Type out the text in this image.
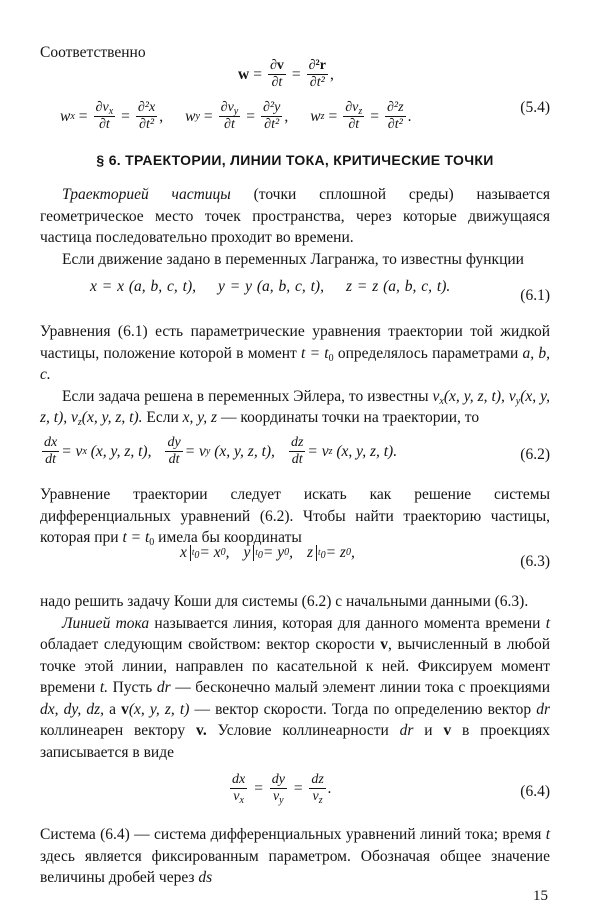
Соответственно
$w = \frac{\partial v}{\partial t} = \frac{\text{∂²r}}{\text{∂t²}}$ ,
w $x = \frac{\partial v_x}{\partial t} = \frac{\text{∂²x}}{\text{∂t²}}$ , w $y = \frac{\partial v_y}{\partial t} = \frac{\text{∂²y}}{\text{∂t²}}$ , w $z = \frac{\partial v_z}{\partial t} = \frac{\text{∂²z}}{\text{∂t²}}$ .
(5.4)
§ 6. ТРАЕКТОРИИ, ЛИНИИ ТОКА, КРИТИЧЕСКИЕ ТОЧКИ

Траекторией частицы (точки сплошной среды) называется геометрическое место точек пространства, через которые движущаяся частица последовательно проходит во времени.

Если движение задано в переменных Лагранжа, то известны функции

x = x (a, b, c, t), y = y (a, b, c, t), z = z (a, b, c, t).
(6.1)

Уравнения (6.1) есть параметрические уравнения траектории той жидкой частицы, положение которой в момент $t = t_0$ определялось параметрами a, b, c.

Если задача решена в переменных Эйлера, то известны $v_x(x$, y, z, t), $v_y(x$, y, z, t), $v_z(x$, y, z, t). Если x, y, z — координаты точки на траектории, то

$\frac{dx}{dt} = v$ x
(x, y, z, t), $\frac{dy}{dt} = v$ y
(x, y, z, t), $\frac{dz}{dt} = v$ z
(x, y, z, t).	(6.2)

Уравнение траектории следует искать как решение системы дифференциальных уравнений (6.2). Чтобы найти траекторию частицы, которая при $t = t_0$ имела бы координаты

x $t_0 = x$ 0 , y $t_0 = y$ 0 , z $t_0 = z$ 0 ,
(6.3)

надо решить задачу Коши для системы (6.2) с начальными данными (6.3).

Линией тока называется линия, которая для данного момента времени t обладает следующим свойством: вектор скорости v, вычисленный в любой точке этой линии, направлен по касательной к ней. Фиксируем момент времени t. Пусть dr — бесконечно малый элемент линии тока с проекциями dx, dy, dz, а v(x, y, z, t) — вектор скорости. Тогда по определению вектор dr коллинеарен вектору v. Условие коллинеарности dr и v в проекциях записывается в виде

$\frac{dx}{v_x} = \frac{dy}{v_y} = \frac{dz}{v_z}$ .	(6.4)

Система (6.4) — система дифференциальных уравнений линий тока; время t здесь является фиксированным параметром. Обозначая общее значение величины дробей через ds

15
